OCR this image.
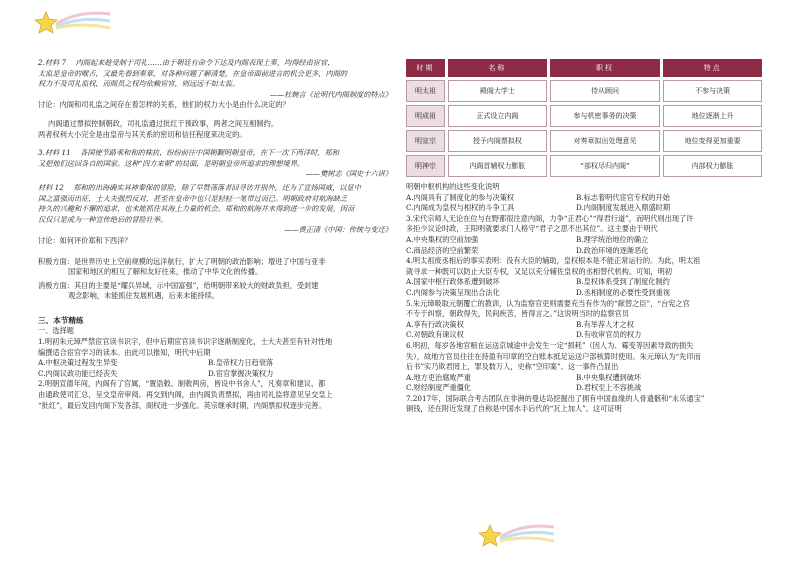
2.材料 7　 内阁起来趁受制于司礼……由于朝廷有命令下达及内阁表现上奏，均得经由宦官，
太监是皇帝的喉舌，又最先看到奏章，对各种问题了解清楚，在皇帝面前进言的机会更多，内阁的
权力不及司礼监权，而阁员之权均依赖宦官，则远远不如太监。
——杜婉言《论明代内阁制度的特点》
讨论：内阁和司礼监之间存在着怎样的关系，他们的权力大小是由什么决定的？
内阁通过票拟控制朝政，司礼监通过批红干预政事，两者之间互相制约。
两者权利大小完全是由皇帝与其关系的密切和信任程度来决定的。
3.材料 11　 各国使节路乘和和的株抗，纷纷前往中国朝觐明朝皇帝，在下一次下西洋时，郑和
又把他们送回各自的国家。这种“四方来朝”的局面，是明朝皇帝所追求的理想境界。
——樊树志《国史十六讲》
材料 12　 郑和的出海确实具神秦保的冒险，除了早赞荡落者回寻访并别外，还为了宣扬国威，以显中
国之富强而出征，士大夫强烈反对，甚至在皇帝中也只是轻轻一笔带过而已。明朝政府对航海缺乏
持久的兴趣和不懈的追求，也未能抓住其海上力量的机会。郑和的航海并未得到进一步的发展，因而
仅仅只是成为一种宣传绝后的冒险壮举。
——费正清《中国：传统与变迁》
讨论：如何评价郑和下西洋？
积极方面：是世界历史上空前规模的远洋航行，扩大了明朝的政治影响；增进了中国与亚非
国家和地区的相互了解和友好往来，推动了中华文化的传播。
消极方面：其目的主要是“耀兵异域，示中国富强”，给明朝带来较大的财政负担，受封建
观念影响，未能抓住发展机遇，后来未能持续。
三、本节精练
一、选择题
1.明初朱元璋严禁宦官读书识字，但中后期宦官读书识字逐渐制度化，士大夫甚至有针对性地
编撰适合宦官学习的读本。由此可以推知，明代中后期
A.中枢决策过程发生异变	B.皇帝权力日趋衰落
C.内阁议政功能已经丧失	D.宦官掌握决策权力
2.明朝宣德年间，内阁有了官属，“置诰敕、制敕两房，皆设中书舍人”，凡奏章和建议，都
由通政使司汇总，呈交皇帝审阅。再交到内阁，由内阁负责票拟，再由司礼监将意见呈交皇上
“批红”，最后发回内阁下发各部，阁权进一步强化。英宗继承时期，内阁票拟权逐步完善。
时期	名称	职权	特点
明太祖	殿阁大学士	侍从顾问	不参与决策
明成祖	正式设立内阁	参与机密事务的决策	地位逐渐上升
明宣宗	授予内阁票拟权	对奏章拟出处理意见	地位变得更加重要
明神宗	内阁首辅权力膨胀	“部权尽归内阁”	内部权力膨胀
明朝中枢机构的这些变化说明
A.内阁具有了制度化的参与决策权	B.标志着明代宦官专权的开始
C.内阁成为皇权与相权的斗争工具	D.内阁制度发展进入鼎盛时期
3.宋代宗师人无论在位与在野都很注意内阁，力争“正君心”“得君行道”，而明代则出现了许
多拒少议论时政，王阳明就要求门人格守“君子之思不出其位”。这主要由于明代
A.中央集权的空前加强	B.理学统治地位的确立
C.商品经济的空前繁荣	D.政治环境的逐渐恶化
4.明太祖废丞相后的事实表明：没有大臣的辅助，皇权根本是不能正常运行的。为此，明太祖
就寻求一种既可以防止大臣专权，又足以充分辅佐皇权的丞相替代机构。可知，明初
A.国家中枢行政体系遭到破坏	B.皇权体系受到了制度化制约
C.内阁参与决策呈现出合法化	D.丞相制度的必要性受到重视
5.朱元璋吸取元朝覆亡的教训，认为监察官吏则需要充当有作为的“献替之臣”，“台宪之官
不专于纠察，朝政得失，民间疾苦，皆得言之。”这说明当时的监察官员
A.享有行政决策权	B.有举荐人才之权
C.对朝政有谏议权	D.有收审官员的权力
6.明初，每岁各地官粮在运送京城途中会发生一定“损耗”（因人为、霉变等因素导致的损失
失），故地方官员往往在持盈有印章的空白账本抵足运送户部核算时使用。朱元璋认为“先印而
后书”实乃欺君罔上，罪及数万人，史称“空印案”。这一事件凸显出
A.地方吏治腐败严重	B.中央集权遭到破坏
C.财经制度严重僵化	D.君权至上不容挑战
7.2017年，国际联合考古团队在非洲的曼达岛挖掘出了拥有中国血缘的人骨遗骸和“永乐通宝”
铜钱，还在附近发现了自称是中国水手后代的“瓦上加人”。这可证明
